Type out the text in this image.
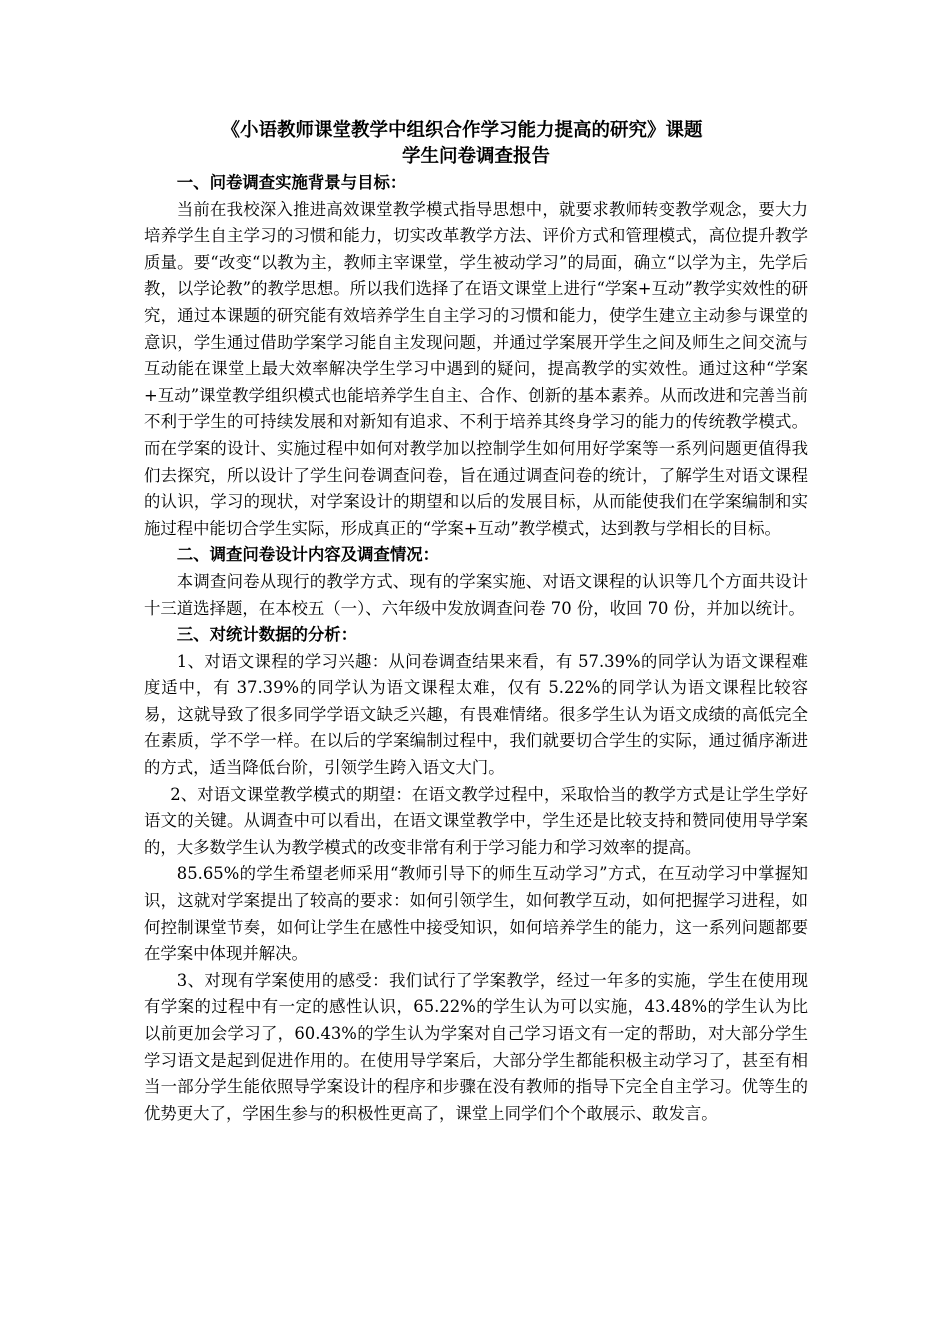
《小语教师课堂教学中组织合作学习能力提高的研究》课题
学生问卷调查报告

一、问卷调查实施背景与目标：

当前在我校深入推进高效课堂教学模式指导思想中，就要求教师转变教学观念，要大力培养学生自主学习的习惯和能力，切实改革教学方法、评价方式和管理模式，高位提升教学质量。要“改变“以教为主，教师主宰课堂，学生被动学习”的局面，确立“以学为主，先学后教，以学论教”的教学思想。所以我们选择了在语文课堂上进行“学案+互动”教学实效性的研究，通过本课题的研究能有效培养学生自主学习的习惯和能力，使学生建立主动参与课堂的意识，学生通过借助学案学习能自主发现问题，并通过学案展开学生之间及师生之间交流与互动能在课堂上最大效率解决学生学习中遇到的疑问，提高教学的实效性。通过这种“学案+互动”课堂教学组织模式也能培养学生自主、合作、创新的基本素养。从而改进和完善当前不利于学生的可持续发展和对新知有追求、不利于培养其终身学习的能力的传统教学模式。而在学案的设计、实施过程中如何对教学加以控制学生如何用好学案等一系列问题更值得我们去探究，所以设计了学生问卷调查问卷，旨在通过调查问卷的统计，了解学生对语文课程的认识，学习的现状，对学案设计的期望和以后的发展目标，从而能使我们在学案编制和实施过程中能切合学生实际，形成真正的“学案+互动”教学模式，达到教与学相长的目标。

二、调查问卷设计内容及调查情况：

本调查问卷从现行的教学方式、现有的学案实施、对语文课程的认识等几个方面共设计十三道选择题，在本校五（一）、六年级中发放调查问卷 70 份，收回 70 份，并加以统计。

三、对统计数据的分析：

1、对语文课程的学习兴趣：从问卷调查结果来看，有 57.39%的同学认为语文课程难度适中，有 37.39%的同学认为语文课程太难，仅有 5.22%的同学认为语文课程比较容易，这就导致了很多同学学语文缺乏兴趣，有畏难情绪。很多学生认为语文成绩的高低完全在素质，学不学一样。在以后的学案编制过程中，我们就要切合学生的实际，通过循序渐进的方式，适当降低台阶，引领学生跨入语文大门。

2、对语文课堂教学模式的期望：在语文教学过程中，采取恰当的教学方式是让学生学好语文的关键。从调查中可以看出，在语文课堂教学中，学生还是比较支持和赞同使用导学案的，大多数学生认为教学模式的改变非常有利于学习能力和学习效率的提高。

85.65%的学生希望老师采用“教师引导下的师生互动学习”方式，在互动学习中掌握知识，这就对学案提出了较高的要求：如何引领学生，如何教学互动，如何把握学习进程，如何控制课堂节奏，如何让学生在感性中接受知识，如何培养学生的能力，这一系列问题都要在学案中体现并解决。

3、对现有学案使用的感受：我们试行了学案教学，经过一年多的实施，学生在使用现有学案的过程中有一定的感性认识，65.22%的学生认为可以实施，43.48%的学生认为比以前更加会学习了，60.43%的学生认为学案对自己学习语文有一定的帮助，对大部分学生学习语文是起到促进作用的。在使用导学案后，大部分学生都能积极主动学习了，甚至有相当一部分学生能依照导学案设计的程序和步骤在没有教师的指导下完全自主学习。优等生的优势更大了，学困生参与的积极性更高了，课堂上同学们个个敢展示、敢发言。
